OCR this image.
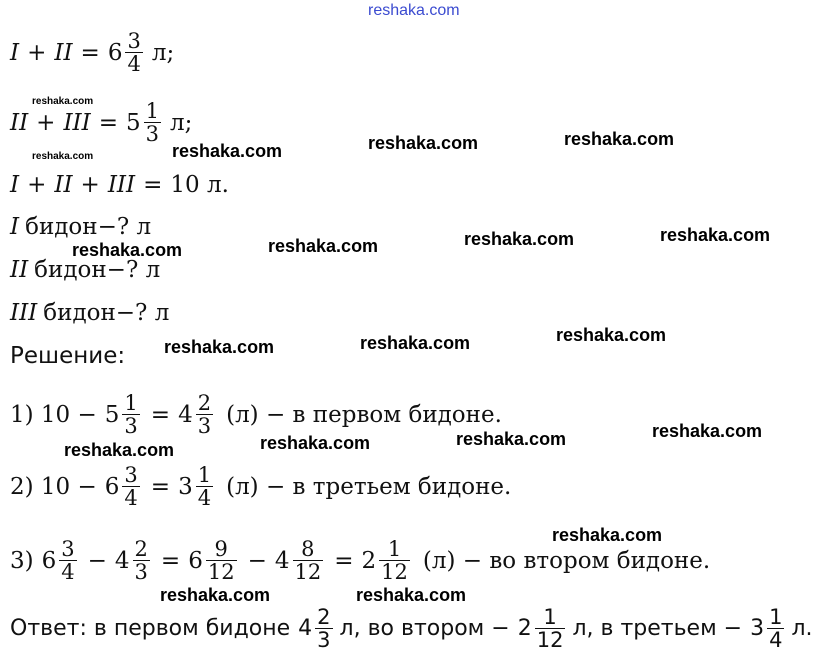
reshaka.com
I + II = $6 \frac{3}{4} л$;
reshaka.com
II + III = $5 \frac{1}{3} л$;
reshaka.com	reshaka.com	reshaka.com	reshaka.com
I + II + III = 10 л.
I бидон−? л
reshaka.com	reshaka.com	reshaka.com	reshaka.com
II бидон−? л
III бидон−? л
Решение: reshaka.com	reshaka.com	reshaka.com
1) $10 - 5 \frac{1}{3} = 4 \frac{2}{3} (л) - в$ первом бидоне.
reshaka.com	reshaka.com	reshaka.com	reshaka.com
2) $10 - 6 \frac{3}{4} = 3 \frac{1}{4} (л) - в$ третьем бидоне.
reshaka.com
3) $6 \frac{3}{4} - 4 \frac{2}{3} = 6 \frac{9}{12} - 4 \frac{8}{12} = 2 \frac{1}{12} (л)$ − во втором бидоне.
reshaka.com	reshaka.com
Ответ: в первом бидоне $4 \frac{2}{3} л$, во втором − $2 \frac{1}{12} л$, в третьем − $3 \frac{1}{4} л$.
